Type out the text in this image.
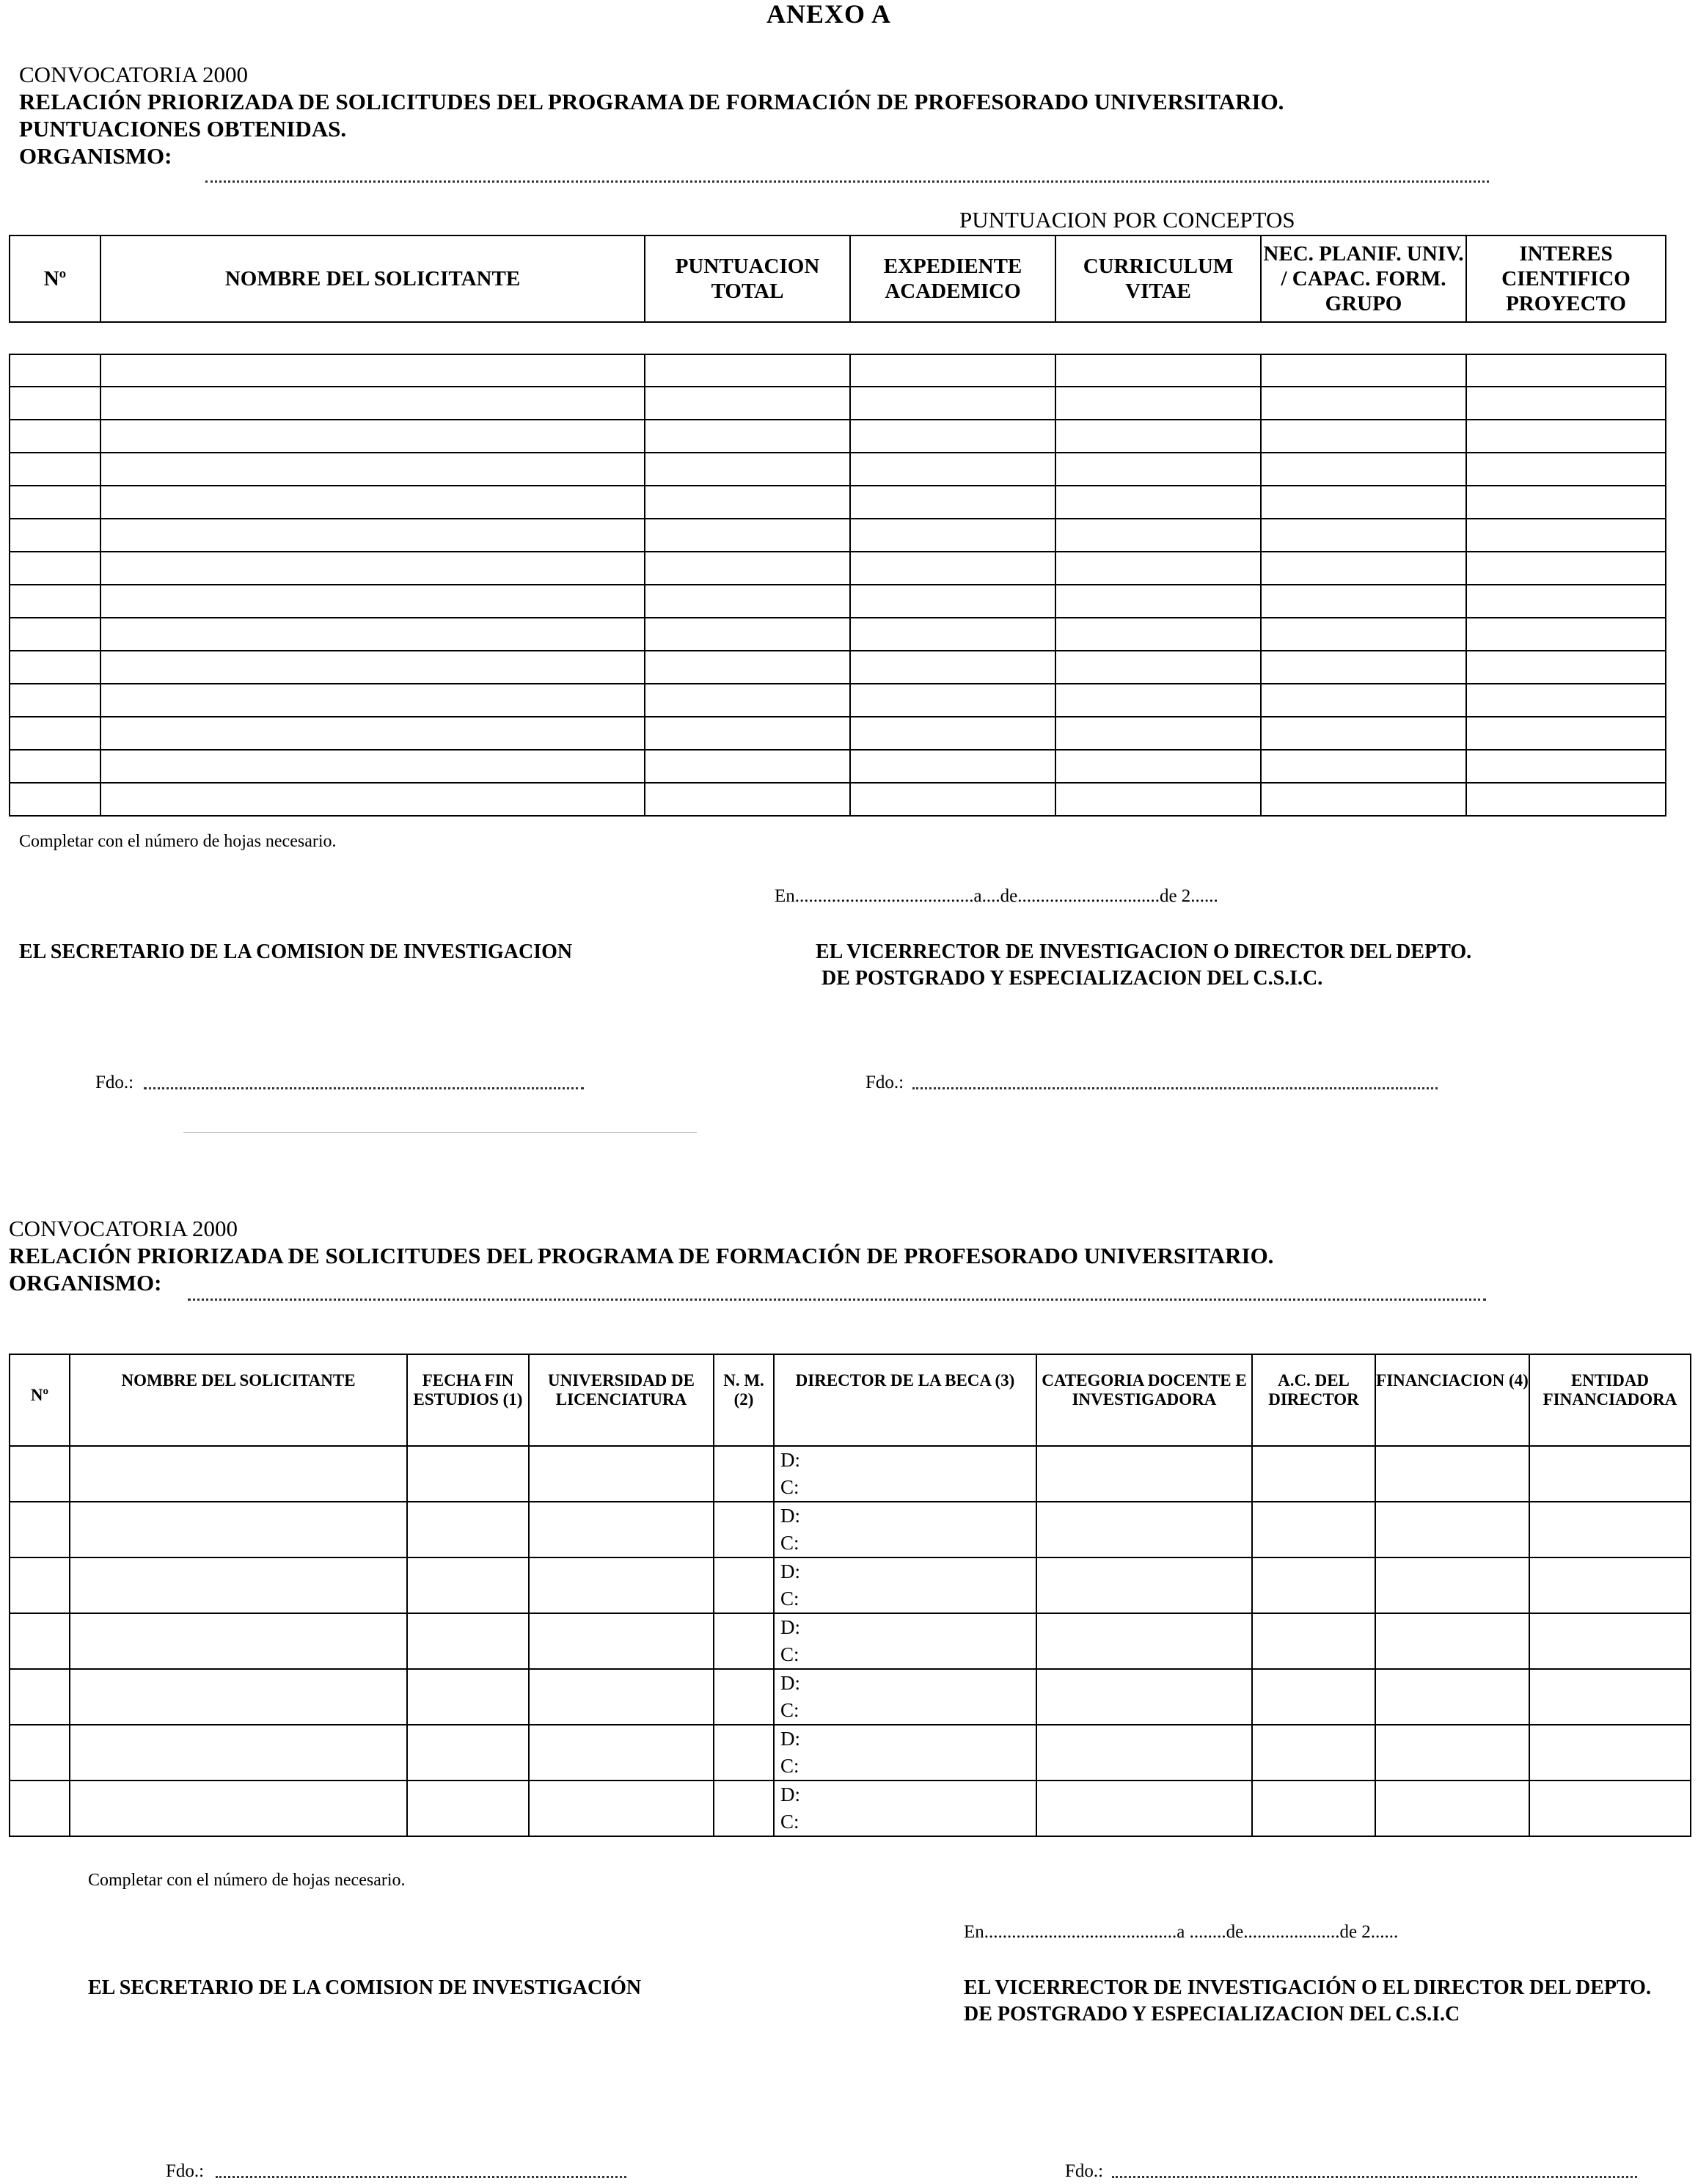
ANEXO A
CONVOCATORIA 2000
RELACIÓN PRIORIZADA DE SOLICITUDES DEL PROGRAMA DE FORMACIÓN DE PROFESORADO UNIVERSITARIO.
PUNTUACIONES OBTENIDAS.
ORGANISMO:
PUNTUACION POR CONCEPTOS
Nº	NOMBRE DEL SOLICITANTE	PUNTUACION TOTAL	EXPEDIENTE ACADEMICO	CURRICULUM VITAE	NEC. PLANIF. UNIV. / CAPAC. FORM. GRUPO	INTERES CIENTIFICO PROYECTO

Completar con el número de hojas necesario.
En.......................................a....de...............................de 2......
EL SECRETARIO DE LA COMISION DE INVESTIGACION	EL VICERRECTOR DE INVESTIGACION O DIRECTOR DEL DEPTO.
DE POSTGRADO Y ESPECIALIZACION DEL C.S.I.C.
Fdo.:	Fdo.:
CONVOCATORIA 2000
RELACIÓN PRIORIZADA DE SOLICITUDES DEL PROGRAMA DE FORMACIÓN DE PROFESORADO UNIVERSITARIO.
ORGANISMO:
Nº	NOMBRE DEL SOLICITANTE	FECHA FIN ESTUDIOS (1)	UNIVERSIDAD DE LICENCIATURA	N. M. (2)	DIRECTOR DE LA BECA (3)	CATEGORIA DOCENTE E INVESTIGADORA	A.C. DEL DIRECTOR	FINANCIACION (4)	ENTIDAD FINANCIADORA

					D:
C:				

					D:
C:				

					D:
C:				

					D:
C:				

					D:
C:				

					D:
C:				

					D:
C:				

Completar con el número de hojas necesario.
En..........................................a ........de.....................de 2......
EL SECRETARIO DE LA COMISION DE INVESTIGACIÓN	EL VICERRECTOR DE INVESTIGACIÓN O EL DIRECTOR DEL DEPTO.
DE POSTGRADO Y ESPECIALIZACION DEL C.S.I.C
Fdo.:	Fdo.:
